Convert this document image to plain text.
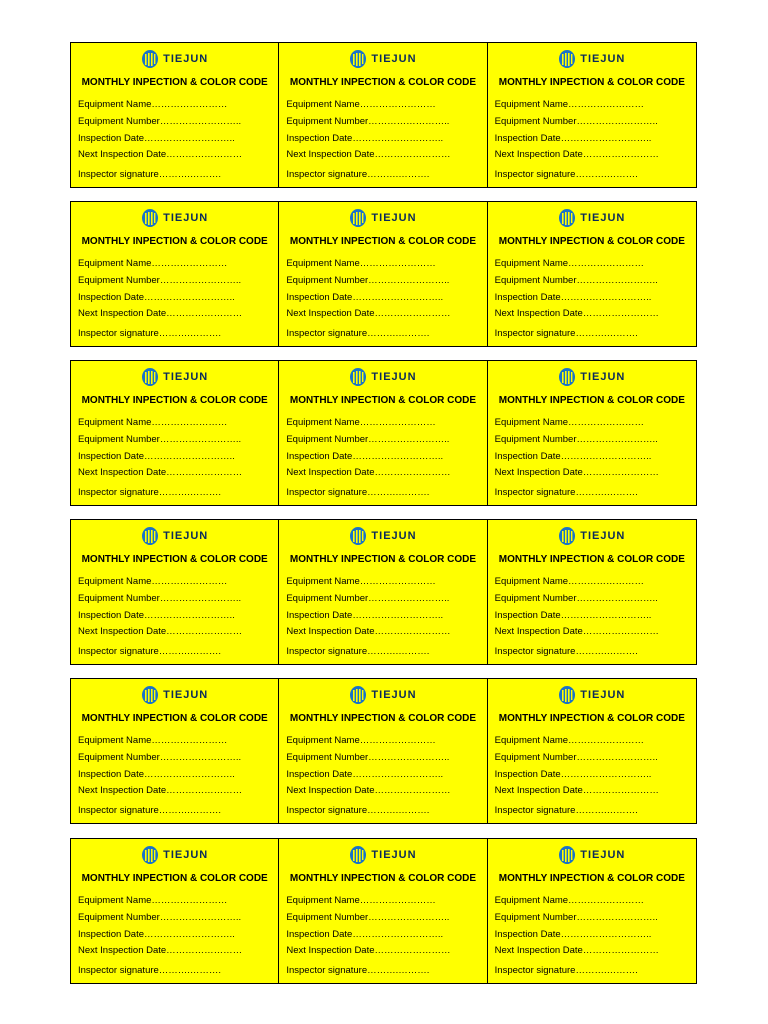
TIEJUN
MONTHLY INPECTION & COLOR CODE
Equipment Name……………………
Equipment Number……………………..
Inspection Date………………………..
Next Inspection Date……………………
Inspector signature……….……….
TIEJUN
MONTHLY INPECTION & COLOR CODE
Equipment Name……………………
Equipment Number……………………..
Inspection Date………………………..
Next Inspection Date……………………
Inspector signature……….……….
TIEJUN
MONTHLY INPECTION & COLOR CODE
Equipment Name……………………
Equipment Number……………………..
Inspection Date………………………..
Next Inspection Date……………………
Inspector signature……….……….
TIEJUN
MONTHLY INPECTION & COLOR CODE
Equipment Name……………………
Equipment Number……………………..
Inspection Date………………………..
Next Inspection Date……………………
Inspector signature……….……….
TIEJUN
MONTHLY INPECTION & COLOR CODE
Equipment Name……………………
Equipment Number……………………..
Inspection Date………………………..
Next Inspection Date……………………
Inspector signature……….……….
TIEJUN
MONTHLY INPECTION & COLOR CODE
Equipment Name……………………
Equipment Number……………………..
Inspection Date………………………..
Next Inspection Date……………………
Inspector signature……….……….
TIEJUN
MONTHLY INPECTION & COLOR CODE
Equipment Name……………………
Equipment Number……………………..
Inspection Date………………………..
Next Inspection Date……………………
Inspector signature……….……….
TIEJUN
MONTHLY INPECTION & COLOR CODE
Equipment Name……………………
Equipment Number……………………..
Inspection Date………………………..
Next Inspection Date……………………
Inspector signature……….……….
TIEJUN
MONTHLY INPECTION & COLOR CODE
Equipment Name……………………
Equipment Number……………………..
Inspection Date………………………..
Next Inspection Date……………………
Inspector signature……….……….
TIEJUN
MONTHLY INPECTION & COLOR CODE
Equipment Name……………………
Equipment Number……………………..
Inspection Date………………………..
Next Inspection Date……………………
Inspector signature……….……….
TIEJUN
MONTHLY INPECTION & COLOR CODE
Equipment Name……………………
Equipment Number……………………..
Inspection Date………………………..
Next Inspection Date……………………
Inspector signature……….……….
TIEJUN
MONTHLY INPECTION & COLOR CODE
Equipment Name……………………
Equipment Number……………………..
Inspection Date………………………..
Next Inspection Date……………………
Inspector signature……….……….
TIEJUN
MONTHLY INPECTION & COLOR CODE
Equipment Name……………………
Equipment Number……………………..
Inspection Date………………………..
Next Inspection Date……………………
Inspector signature……….……….
TIEJUN
MONTHLY INPECTION & COLOR CODE
Equipment Name……………………
Equipment Number……………………..
Inspection Date………………………..
Next Inspection Date……………………
Inspector signature……….……….
TIEJUN
MONTHLY INPECTION & COLOR CODE
Equipment Name……………………
Equipment Number……………………..
Inspection Date………………………..
Next Inspection Date……………………
Inspector signature……….……….
TIEJUN
MONTHLY INPECTION & COLOR CODE
Equipment Name……………………
Equipment Number……………………..
Inspection Date………………………..
Next Inspection Date……………………
Inspector signature……….……….
TIEJUN
MONTHLY INPECTION & COLOR CODE
Equipment Name……………………
Equipment Number……………………..
Inspection Date………………………..
Next Inspection Date……………………
Inspector signature……….……….
TIEJUN
MONTHLY INPECTION & COLOR CODE
Equipment Name……………………
Equipment Number……………………..
Inspection Date………………………..
Next Inspection Date……………………
Inspector signature……….……….
